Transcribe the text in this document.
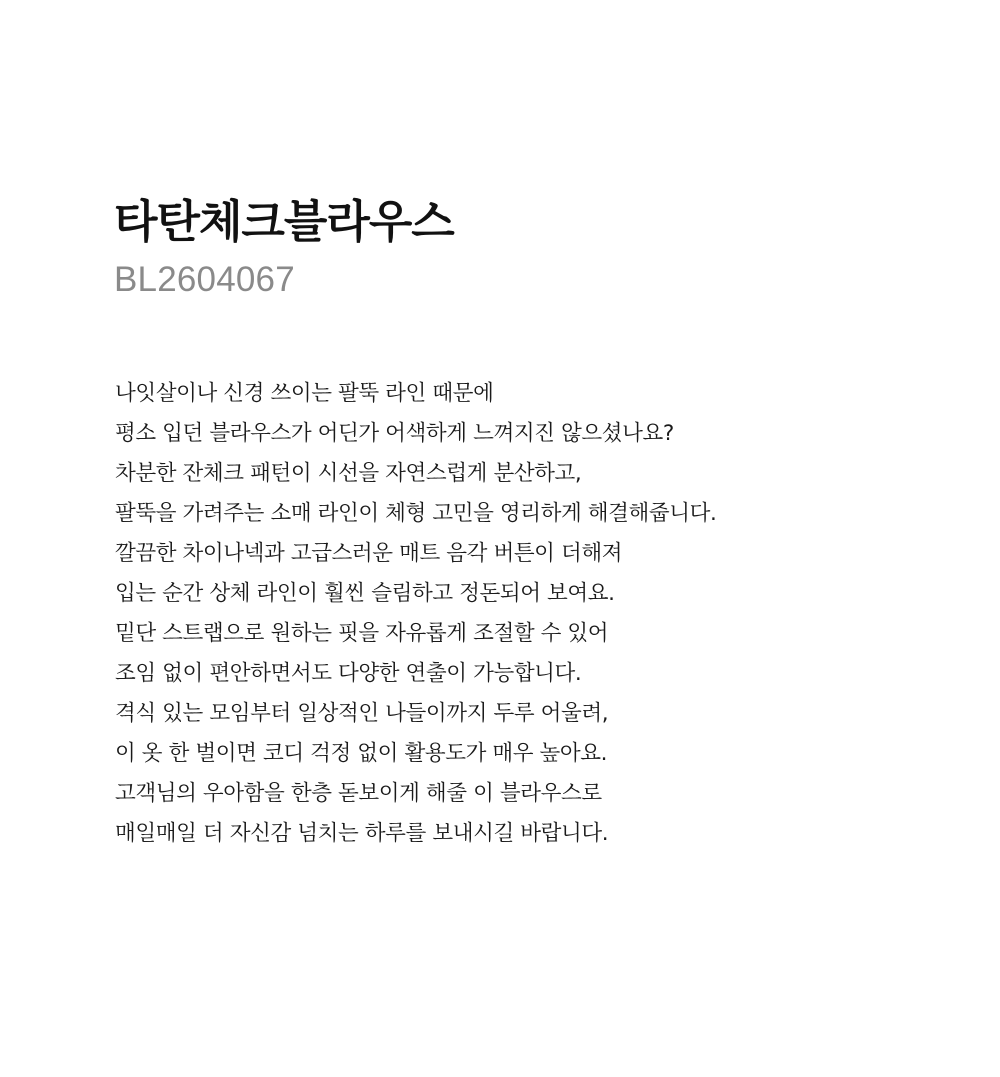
타탄체크블라우스

BL2604067

나잇살이나 신경 쓰이는 팔뚝 라인 때문에
평소 입던 블라우스가 어딘가 어색하게 느껴지진 않으셨나요?
차분한 잔체크 패턴이 시선을 자연스럽게 분산하고,
팔뚝을 가려주는 소매 라인이 체형 고민을 영리하게 해결해줍니다.
깔끔한 차이나넥과 고급스러운 매트 음각 버튼이 더해져
입는 순간 상체 라인이 훨씬 슬림하고 정돈되어 보여요.
밑단 스트랩으로 원하는 핏을 자유롭게 조절할 수 있어
조임 없이 편안하면서도 다양한 연출이 가능합니다.
격식 있는 모임부터 일상적인 나들이까지 두루 어울려,
이 옷 한 벌이면 코디 걱정 없이 활용도가 매우 높아요.
고객님의 우아함을 한층 돋보이게 해줄 이 블라우스로
매일매일 더 자신감 넘치는 하루를 보내시길 바랍니다.
